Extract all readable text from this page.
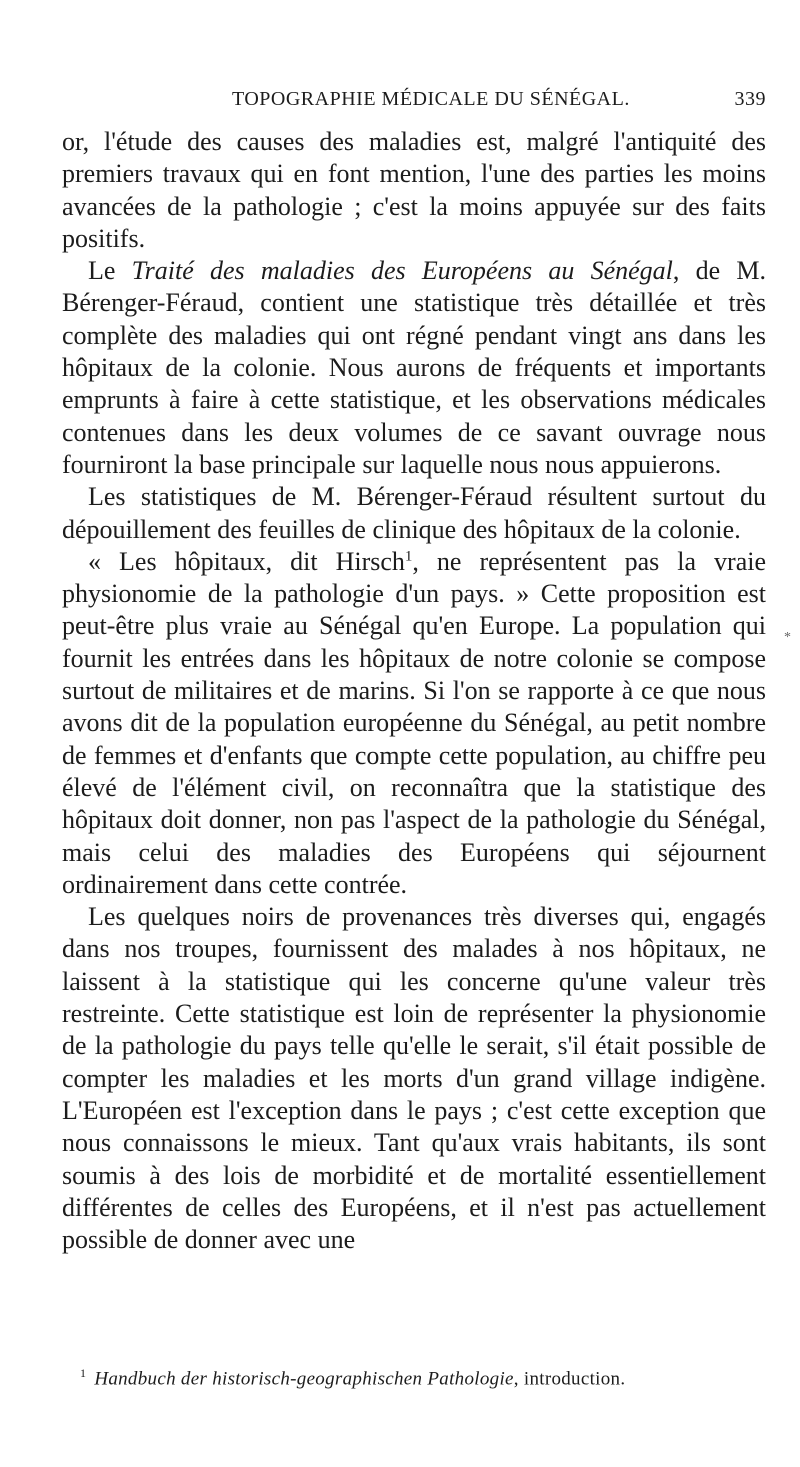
TOPOGRAPHIE MÉDICALE DU SÉNÉGAL.	339

or, l'étude des causes des maladies est, malgré l'antiquité des premiers travaux qui en font mention, l'une des parties les moins avancées de la pathologie ; c'est la moins appuyée sur des faits positifs.

Le Traité des maladies des Européens au Sénégal, de M. Bérenger-Féraud, contient une statistique très détaillée et très complète des maladies qui ont régné pendant vingt ans dans les hôpitaux de la colonie. Nous aurons de fréquents et importants emprunts à faire à cette statistique, et les observations médicales contenues dans les deux volumes de ce savant ouvrage nous fourniront la base principale sur laquelle nous nous appuierons.

Les statistiques de M. Bérenger-Féraud résultent surtout du dépouillement des feuilles de clinique des hôpitaux de la colonie.

« Les hôpitaux, dit Hirsch$^1$, ne représentent pas la vraie physionomie de la pathologie d'un pays. » Cette proposition est peut-être plus vraie au Sénégal qu'en Europe. La population qui fournit les entrées dans les hôpitaux de notre colonie se compose surtout de militaires et de marins. Si l'on se rapporte à ce que nous avons dit de la population européenne du Sénégal, au petit nombre de femmes et d'enfants que compte cette population, au chiffre peu élevé de l'élément civil, on reconnaîtra que la statistique des hôpitaux doit donner, non pas l'aspect de la pathologie du Sénégal, mais celui des maladies des Européens qui séjournent ordinairement dans cette contrée.

Les quelques noirs de provenances très diverses qui, engagés dans nos troupes, fournissent des malades à nos hôpitaux, ne laissent à la statistique qui les concerne qu'une valeur très restreinte. Cette statistique est loin de représenter la physionomie de la pathologie du pays telle qu'elle le serait, s'il était possible de compter les maladies et les morts d'un grand village indigène. L'Européen est l'exception dans le pays ; c'est cette exception que nous connaissons le mieux. Tant qu'aux vrais habitants, ils sont soumis à des lois de morbidité et de mortalité essentiellement différentes de celles des Européens, et il n'est pas actuellement possible de donner avec une

*
$^1$ Handbuch der historisch-geographischen Pathologie, introduction.
